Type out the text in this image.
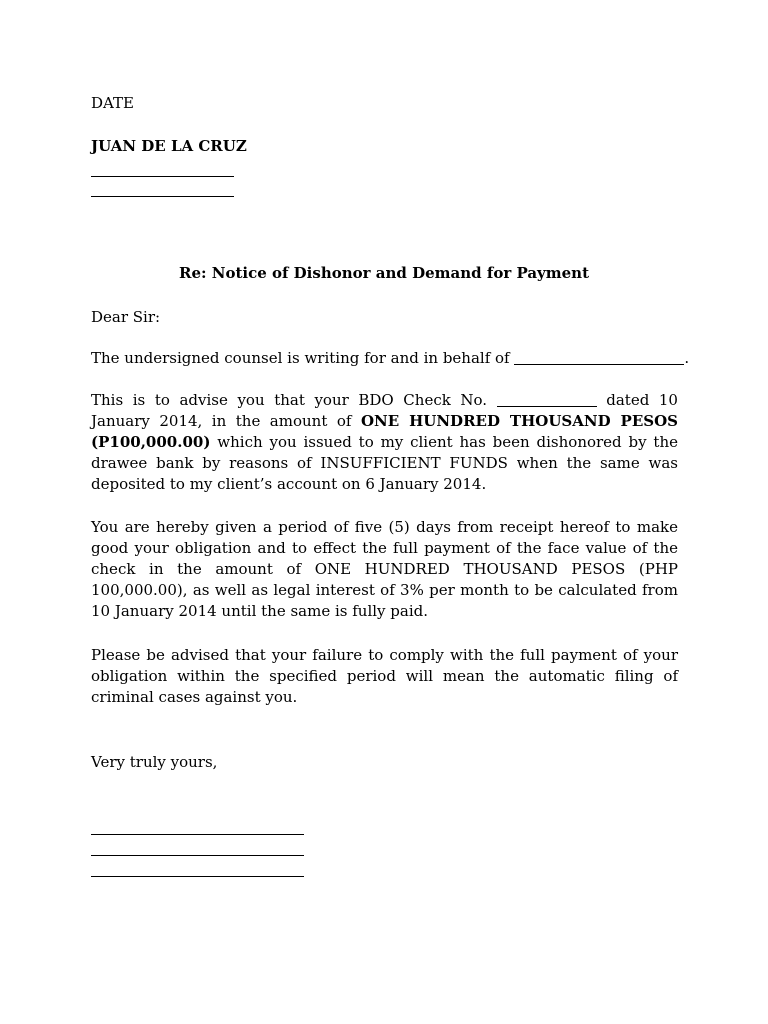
DATE

JUAN DE LA CRUZ

Re: Notice of Dishonor and Demand for Payment

Dear Sir:

The undersigned counsel is writing for and in behalf of	.

This is to advise you that your BDO Check No.	dated 10 January 2014, in the amount of ONE HUNDRED THOUSAND PESOS (P100,000.00) which you issued to my client has been dishonored by the drawee bank by reasons of INSUFFICIENT FUNDS when the same was deposited to my client’s account on 6 January 2014.

You are hereby given a period of five (5) days from receipt hereof to make good your obligation and to effect the full payment of the face value of the check in the amount of ONE HUNDRED THOUSAND PESOS (PHP 100,000.00), as well as legal interest of 3% per month to be calculated from 10 January 2014 until the same is fully paid.

Please be advised that your failure to comply with the full payment of your obligation within the specified period will mean the automatic filing of criminal cases against you.

Very truly yours,
